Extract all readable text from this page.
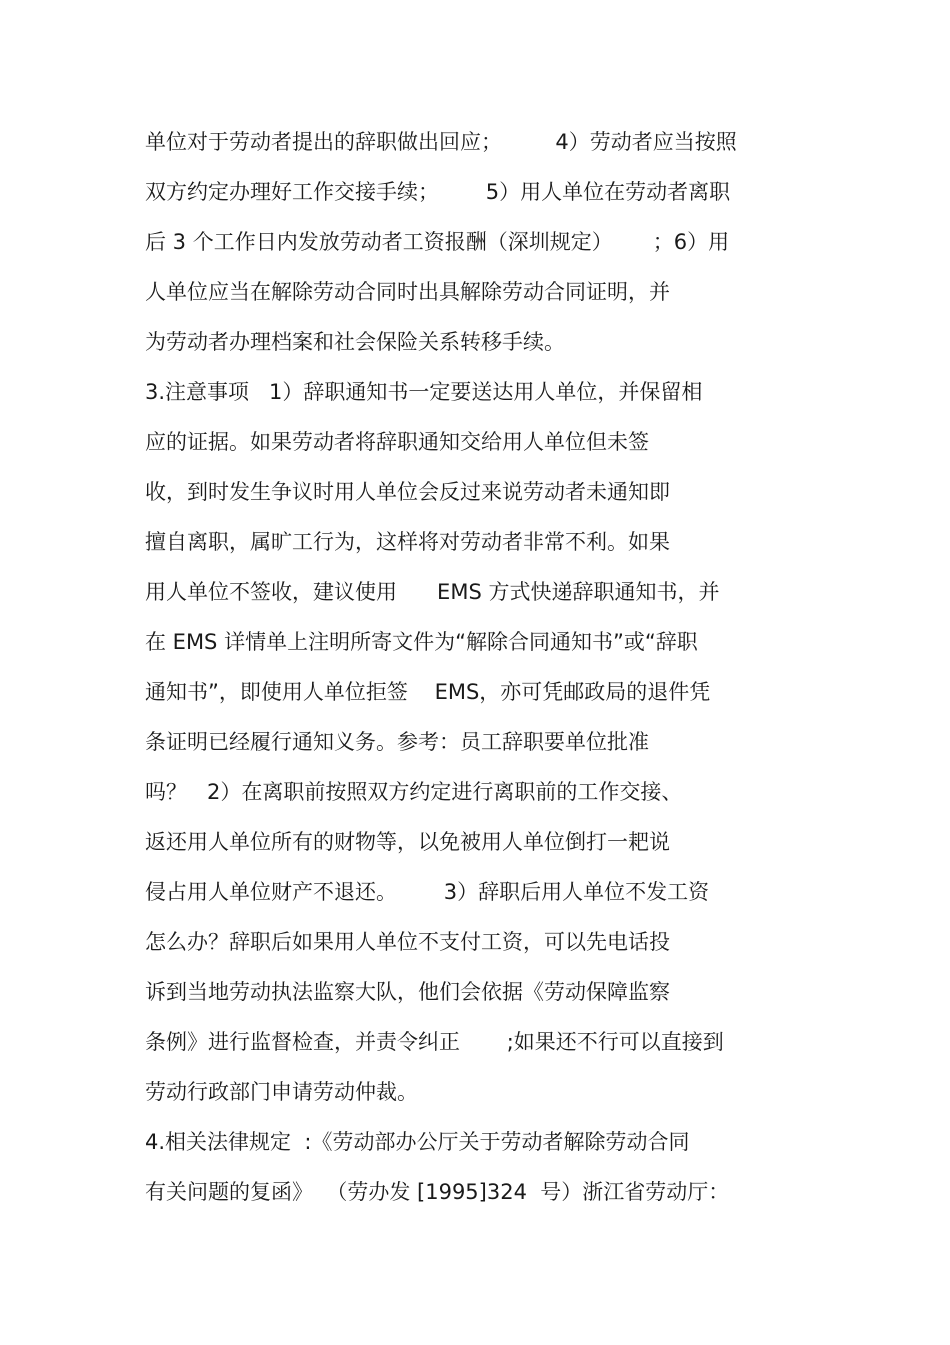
单位对于劳动者提出的辞职做出回应；        4）劳动者应当按照
双方约定办理好工作交接手续；       5）用人单位在劳动者离职
后 3 个工作日内发放劳动者工资报酬（深圳规定）      ；6）用
人单位应当在解除劳动合同时出具解除劳动合同证明，并
为劳动者办理档案和社会保险关系转移手续。
3.注意事项   1）辞职通知书一定要送达用人单位，并保留相
应的证据。如果劳动者将辞职通知交给用人单位但未签
收，到时发生争议时用人单位会反过来说劳动者未通知即
擅自离职，属旷工行为，这样将对劳动者非常不利。如果
用人单位不签收，建议使用      EMS 方式快递辞职通知书，并
在 EMS 详情单上注明所寄文件为“解除合同通知书”或“辞职
通知书”，即使用人单位拒签    EMS，亦可凭邮政局的退件凭
条证明已经履行通知义务。参考：员工辞职要单位批准
吗？   2）在离职前按照双方约定进行离职前的工作交接、
返还用人单位所有的财物等，以免被用人单位倒打一耙说
侵占用人单位财产不退还。       3）辞职后用人单位不发工资
怎么办？辞职后如果用人单位不支付工资，可以先电话投
诉到当地劳动执法监察大队，他们会依据《劳动保障监察
条例》进行监督检查，并责令纠正       ;如果还不行可以直接到
劳动行政部门申请劳动仲裁。
4.相关法律规定  :《劳动部办公厅关于劳动者解除劳动合同
有关问题的复函》  （劳办发 [1995]324  号）浙江省劳动厅：
